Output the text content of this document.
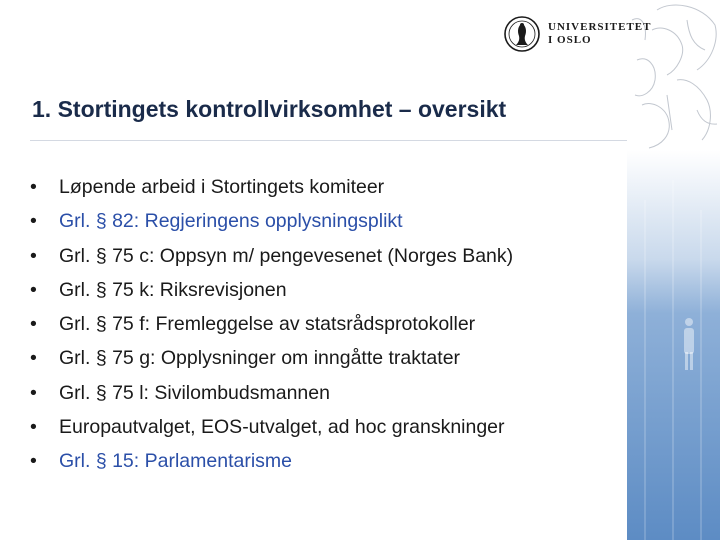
UNIVERSITETET
I OSLO
1. Stortingets kontrollvirksomhet – oversikt
•	Løpende arbeid i Stortingets komiteer
•	Grl. § 82: Regjeringens opplysningsplikt
•	Grl. § 75 c: Oppsyn m/ pengevesenet (Norges Bank)
•	Grl. § 75 k: Riksrevisjonen
•	Grl. § 75 f: Fremleggelse av statsrådsprotokoller
•	Grl. § 75 g: Opplysninger om inngåtte traktater
•	Grl. § 75 l: Sivilombudsmannen
•	Europautvalget, EOS-utvalget, ad hoc granskninger
•	Grl. § 15: Parlamentarisme
